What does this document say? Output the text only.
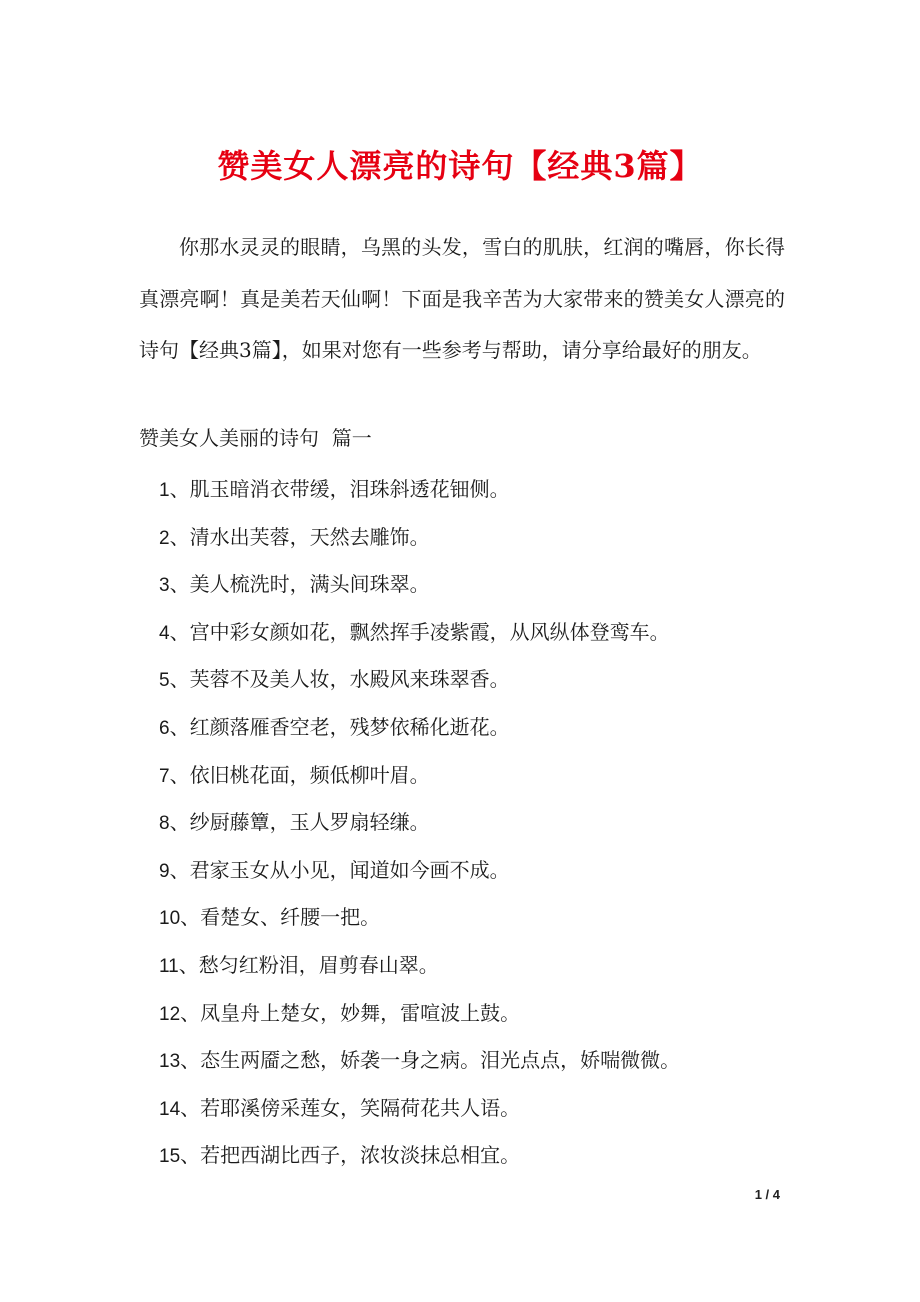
赞美女人漂亮的诗句【经典3篇】

你那水灵灵的眼睛，乌黑的头发，雪白的肌肤，红润的嘴唇，你长得真漂亮啊！真是美若天仙啊！下面是我辛苦为大家带来的赞美女人漂亮的诗句【经典3篇】，如果对您有一些参考与帮助，请分享给最好的朋友。

赞美女人美丽的诗句  篇一

1、肌玉暗消衣带缓，泪珠斜透花钿侧。
2、清水出芙蓉，天然去雕饰。
3、美人梳洗时，满头间珠翠。
4、宫中彩女颜如花，飘然挥手凌紫霞，从风纵体登鸾车。
5、芙蓉不及美人妆，水殿风来珠翠香。
6、红颜落雁香空老，残梦依稀化逝花。
7、依旧桃花面，频低柳叶眉。
8、纱厨藤簟，玉人罗扇轻缣。
9、君家玉女从小见，闻道如今画不成。
10、看楚女、纤腰一把。
11、愁匀红粉泪，眉剪春山翠。
12、凤皇舟上楚女，妙舞，雷喧波上鼓。
13、态生两靥之愁，娇袭一身之病。泪光点点，娇喘微微。
14、若耶溪傍采莲女，笑隔荷花共人语。
15、若把西湖比西子，浓妆淡抹总相宜。
1 / 4
